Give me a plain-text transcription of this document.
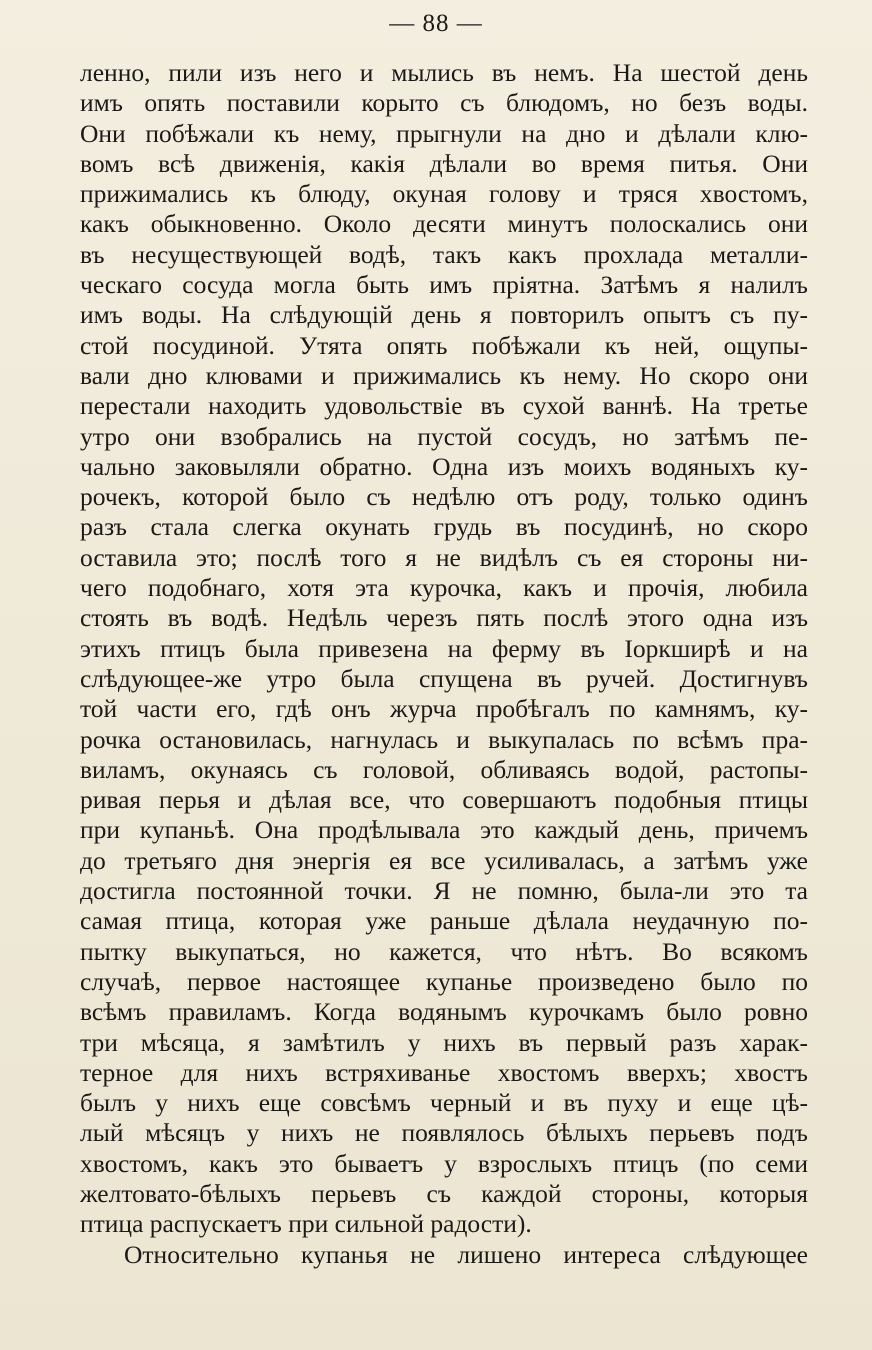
— 88 —
ленно, пили изъ него и мылись въ немъ. На шестой день
имъ опять поставили корыто съ блюдомъ, но безъ воды.
Они побѣжали къ нему, прыгнули на дно и дѣлали клю-
вомъ всѣ движенія, какія дѣлали во время питья. Они
прижимались къ блюду, окуная голову и тряся хвостомъ,
какъ обыкновенно. Около десяти минутъ полоскались они
въ несуществующей водѣ, такъ какъ прохлада металли-
ческаго сосуда могла быть имъ пріятна. Затѣмъ я налилъ
имъ воды. На слѣдующій день я повторилъ опытъ съ пу-
стой посудиной. Утята опять побѣжали къ ней, ощупы-
вали дно клювами и прижимались къ нему. Но скоро они
перестали находить удовольствіе въ сухой ваннѣ. На третье
утро они взобрались на пустой сосудъ, но затѣмъ пе-
чально заковыляли обратно. Одна изъ моихъ водяныхъ ку-
рочекъ, которой было съ недѣлю отъ роду, только одинъ
разъ стала слегка окунать грудь въ посудинѣ, но скоро
оставила это; послѣ того я не видѣлъ съ ея стороны ни-
чего подобнаго, хотя эта курочка, какъ и прочія, любила
стоять въ водѣ. Недѣль черезъ пять послѣ этого одна изъ
этихъ птицъ была привезена на ферму въ Іоркширѣ и на
слѣдующее-же утро была спущена въ ручей. Достигнувъ
той части его, гдѣ онъ журча пробѣгалъ по камнямъ, ку-
рочка остановилась, нагнулась и выкупалась по всѣмъ пра-
виламъ, окунаясь съ головой, обливаясь водой, растопы-
ривая перья и дѣлая все, что совершаютъ подобныя птицы
при купаньѣ. Она продѣлывала это каждый день, причемъ
до третьяго дня энергія ея все усиливалась, а затѣмъ уже
достигла постоянной точки. Я не помню, была-ли это та
самая птица, которая уже раньше дѣлала неудачную по-
пытку выкупаться, но кажется, что нѣтъ. Во всякомъ
случаѣ, первое настоящее купанье произведено было по
всѣмъ правиламъ. Когда водянымъ курочкамъ было ровно
три мѣсяца, я замѣтилъ у нихъ въ первый разъ харак-
терное для нихъ встряхиванье хвостомъ вверхъ; хвостъ
былъ у нихъ еще совсѣмъ черный и въ пуху и еще цѣ-
лый мѣсяцъ у нихъ не появлялось бѣлыхъ перьевъ подъ
хвостомъ, какъ это бываетъ у взрослыхъ птицъ (по семи
желтовато-бѣлыхъ перьевъ съ каждой стороны, которыя
птица распускаетъ при сильной радости).
Относительно купанья не лишено интереса слѣдующее
